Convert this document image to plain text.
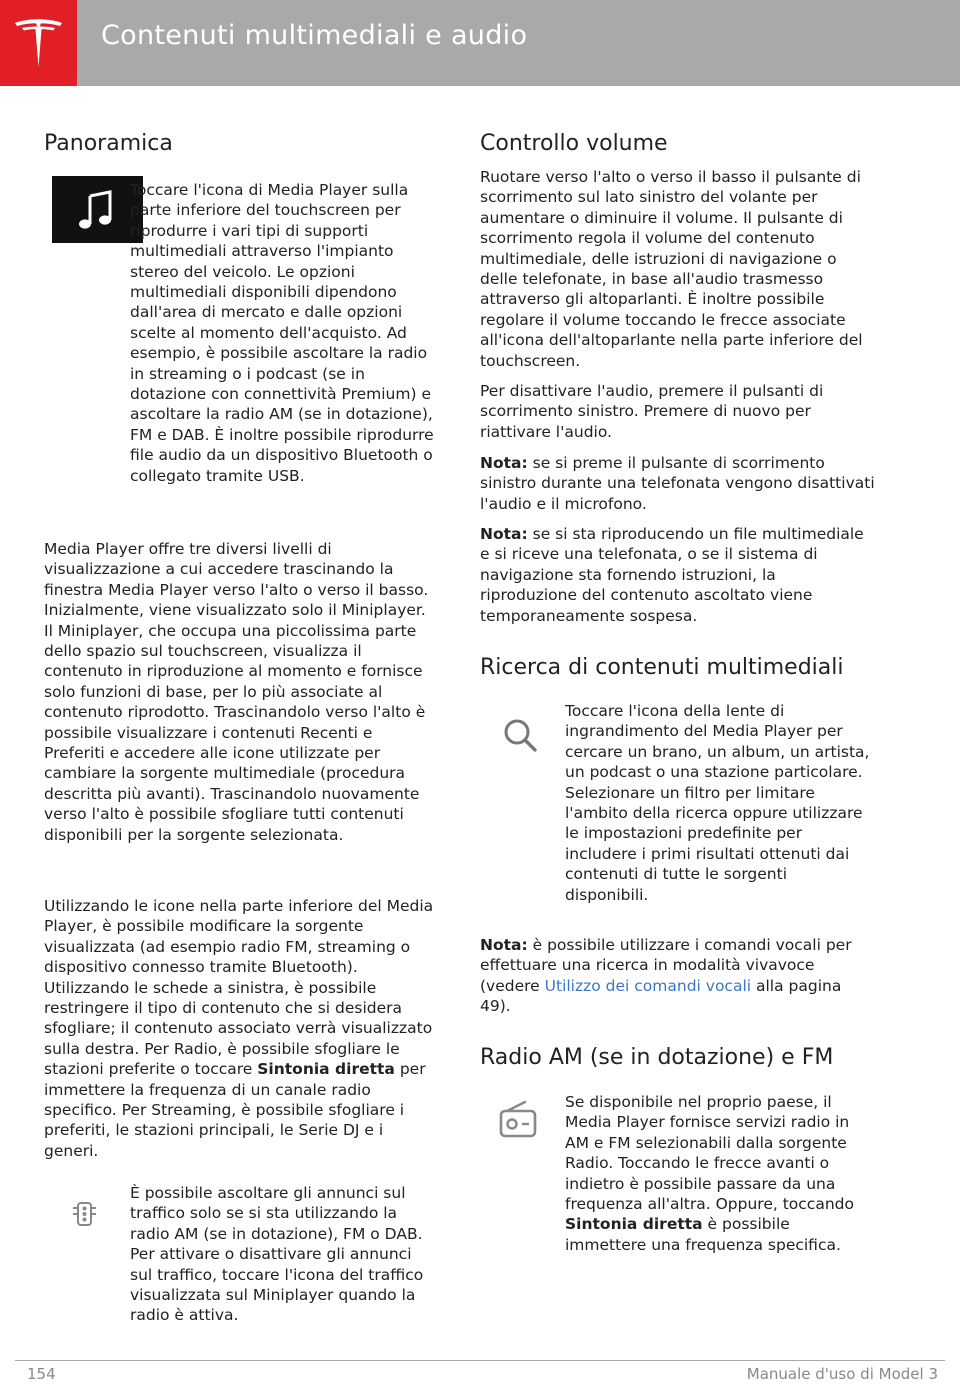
Contenuti multimediali e audio
Panoramica

Toccare l'icona di Media Player sulla parte inferiore del touchscreen per riprodurre i vari tipi di supporti multimediali attraverso l'impianto stereo del veicolo. Le opzioni multimediali disponibili dipendono dall'area di mercato e dalle opzioni scelte al momento dell'acquisto. Ad esempio, è possibile ascoltare la radio in streaming o i podcast (se in dotazione con connettività Premium) e ascoltare la radio AM (se in dotazione), FM e DAB. È inoltre possibile riprodurre file audio da un dispositivo Bluetooth o collegato tramite USB.

Media Player offre tre diversi livelli di visualizzazione a cui accedere trascinando la finestra Media Player verso l'alto o verso il basso. Inizialmente, viene visualizzato solo il Miniplayer. Il Miniplayer, che occupa una piccolissima parte dello spazio sul touchscreen, visualizza il contenuto in riproduzione al momento e fornisce solo funzioni di base, per lo più associate al contenuto riprodotto. Trascinandolo verso l'alto è possibile visualizzare i contenuti Recenti e Preferiti e accedere alle icone utilizzate per cambiare la sorgente multimediale (procedura descritta più avanti). Trascinandolo nuovamente verso l'alto è possibile sfogliare tutti contenuti disponibili per la sorgente selezionata.

Utilizzando le icone nella parte inferiore del Media Player, è possibile modificare la sorgente visualizzata (ad esempio radio FM, streaming o dispositivo connesso tramite Bluetooth). Utilizzando le schede a sinistra, è possibile restringere il tipo di contenuto che si desidera sfogliare; il contenuto associato verrà visualizzato sulla destra. Per Radio, è possibile sfogliare le stazioni preferite o toccare Sintonia diretta per immettere la frequenza di un canale radio specifico. Per Streaming, è possibile sfogliare i preferiti, le stazioni principali, le Serie DJ e i generi.

È possibile ascoltare gli annunci sul traffico solo se si sta utilizzando la radio AM (se in dotazione), FM o DAB. Per attivare o disattivare gli annunci sul traffico, toccare l'icona del traffico visualizzata sul Miniplayer quando la radio è attiva.

Controllo volume

Ruotare verso l'alto o verso il basso il pulsante di scorrimento sul lato sinistro del volante per aumentare o diminuire il volume. Il pulsante di scorrimento regola il volume del contenuto multimediale, delle istruzioni di navigazione o delle telefonate, in base all'audio trasmesso attraverso gli altoparlanti. È inoltre possibile regolare il volume toccando le frecce associate all'icona dell'altoparlante nella parte inferiore del touchscreen.

Per disattivare l'audio, premere il pulsanti di scorrimento sinistro. Premere di nuovo per riattivare l'audio.

Nota: se si preme il pulsante di scorrimento sinistro durante una telefonata vengono disattivati l'audio e il microfono.

Nota: se si sta riproducendo un file multimediale e si riceve una telefonata, o se il sistema di navigazione sta fornendo istruzioni, la riproduzione del contenuto ascoltato viene temporaneamente sospesa.

Ricerca di contenuti multimediali

Toccare l'icona della lente di ingrandimento del Media Player per cercare un brano, un album, un artista, un podcast o una stazione particolare. Selezionare un filtro per limitare l'ambito della ricerca oppure utilizzare le impostazioni predefinite per includere i primi risultati ottenuti dai contenuti di tutte le sorgenti disponibili.

Nota: è possibile utilizzare i comandi vocali per effettuare una ricerca in modalità vivavoce (vedere Utilizzo dei comandi vocali alla pagina 49).

Radio AM (se in dotazione) e FM

Se disponibile nel proprio paese, il Media Player fornisce servizi radio in AM e FM selezionabili dalla sorgente Radio. Toccando le frecce avanti o indietro è possibile passare da una frequenza all'altra. Oppure, toccando Sintonia diretta è possibile immettere una frequenza specifica.

154	Manuale d'uso di Model 3
